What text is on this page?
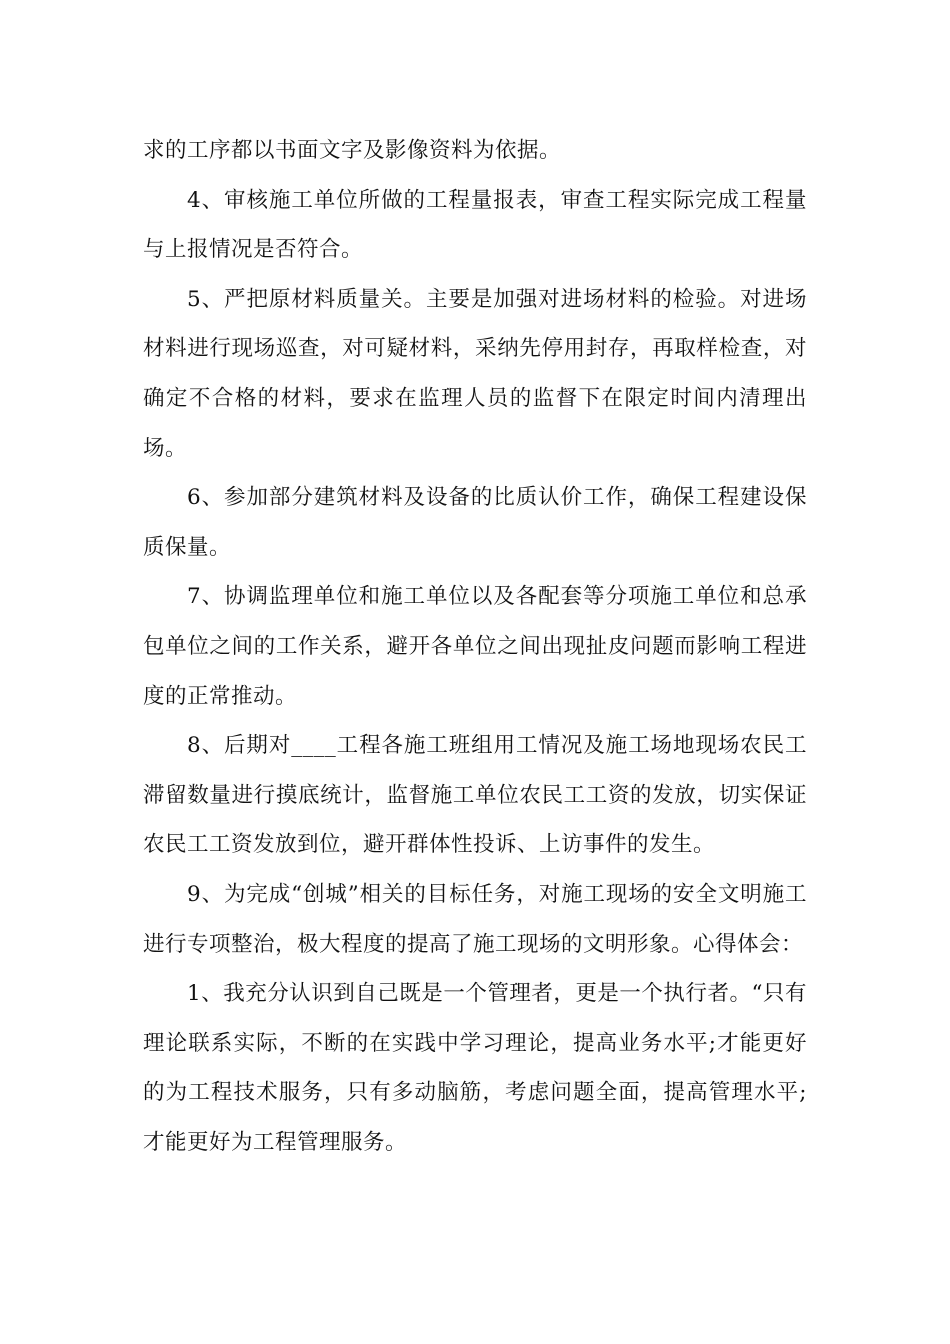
求的工序都以书面文字及影像资料为依据。

4、审核施工单位所做的工程量报表，审查工程实际完成工程量与上报情况是否符合。

5、严把原材料质量关。主要是加强对进场材料的检验。对进场材料进行现场巡查，对可疑材料，采纳先停用封存，再取样检查，对确定不合格的材料，要求在监理人员的监督下在限定时间内清理出场。

6、参加部分建筑材料及设备的比质认价工作，确保工程建设保质保量。

7、协调监理单位和施工单位以及各配套等分项施工单位和总承包单位之间的工作关系，避开各单位之间出现扯皮问题而影响工程进度的正常推动。

8、后期对____工程各施工班组用工情况及施工场地现场农民工滞留数量进行摸底统计，监督施工单位农民工工资的发放，切实保证农民工工资发放到位，避开群体性投诉、上访事件的发生。

9、为完成“创城”相关的目标任务，对施工现场的安全文明施工进行专项整治，极大程度的提高了施工现场的文明形象。心得体会：

1、我充分认识到自己既是一个管理者，更是一个执行者。“只有理论联系实际，不断的在实践中学习理论，提高业务水平;才能更好的为工程技术服务，只有多动脑筋，考虑问题全面，提高管理水平;才能更好为工程管理服务。
